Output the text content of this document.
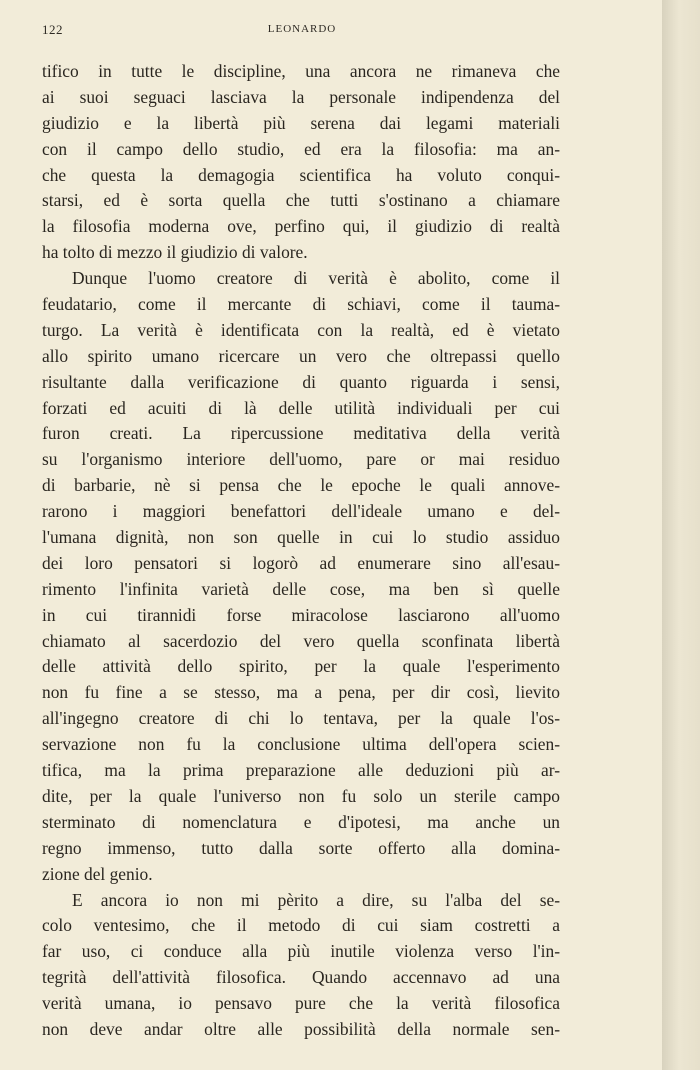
122	LEONARDO
tifico in tutte le discipline, una ancora ne rimaneva che
ai suoi seguaci lasciava la personale indipendenza del
giudizio e la libertà più serena dai legami materiali
con il campo dello studio, ed era la filosofia: ma an-
che questa la demagogia scientifica ha voluto conqui-
starsi, ed è sorta quella che tutti s'ostinano a chiamare
la filosofia moderna ove, perfino qui, il giudizio di realtà
ha tolto di mezzo il giudizio di valore.
Dunque l'uomo creatore di verità è abolito, come il
feudatario, come il mercante di schiavi, come il tauma-
turgo. La verità è identificata con la realtà, ed è vietato
allo spirito umano ricercare un vero che oltrepassi quello
risultante dalla verificazione di quanto riguarda i sensi,
forzati ed acuiti di là delle utilità individuali per cui
furon creati. La ripercussione meditativa della verità
su l'organismo interiore dell'uomo, pare or mai residuo
di barbarie, nè si pensa che le epoche le quali annove-
rarono i maggiori benefattori dell'ideale umano e del-
l'umana dignità, non son quelle in cui lo studio assiduo
dei loro pensatori si logorò ad enumerare sino all'esau-
rimento l'infinita varietà delle cose, ma ben sì quelle
in cui tirannidi forse miracolose lasciarono all'uomo
chiamato al sacerdozio del vero quella sconfinata libertà
delle attività dello spirito, per la quale l'esperimento
non fu fine a se stesso, ma a pena, per dir così, lievito
all'ingegno creatore di chi lo tentava, per la quale l'os-
servazione non fu la conclusione ultima dell'opera scien-
tifica, ma la prima preparazione alle deduzioni più ar-
dite, per la quale l'universo non fu solo un sterile campo
sterminato di nomenclatura e d'ipotesi, ma anche un
regno immenso, tutto dalla sorte offerto alla domina-
zione del genio.
E ancora io non mi pèrito a dire, su l'alba del se-
colo ventesimo, che il metodo di cui siam costretti a
far uso, ci conduce alla più inutile violenza verso l'in-
tegrità dell'attività filosofica. Quando accennavo ad una
verità umana, io pensavo pure che la verità filosofica
non deve andar oltre alle possibilità della normale sen-
